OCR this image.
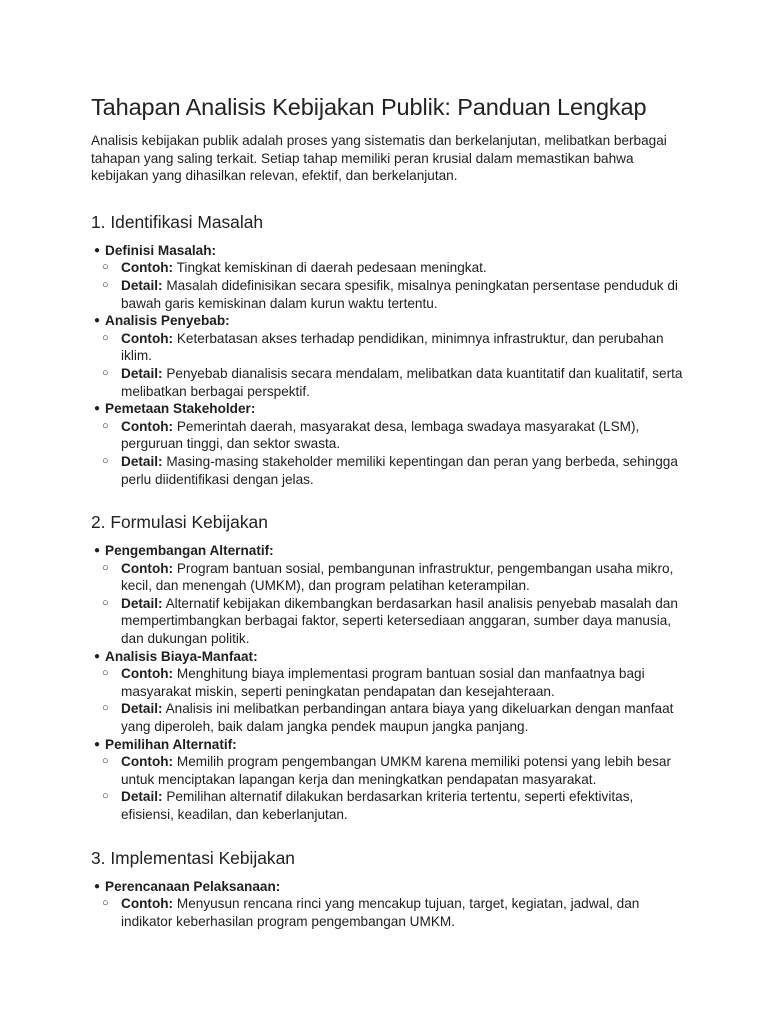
Tahapan Analisis Kebijakan Publik: Panduan Lengkap

Analisis kebijakan publik adalah proses yang sistematis dan berkelanjutan, melibatkan berbagai tahapan yang saling terkait. Setiap tahap memiliki peran krusial dalam memastikan bahwa kebijakan yang dihasilkan relevan, efektif, dan berkelanjutan.

1. Identifikasi Masalah
● Definisi Masalah:
○ Contoh: Tingkat kemiskinan di daerah pedesaan meningkat.
○ Detail: Masalah didefinisikan secara spesifik, misalnya peningkatan persentase penduduk di bawah garis kemiskinan dalam kurun waktu tertentu.
● Analisis Penyebab:
○ Contoh: Keterbatasan akses terhadap pendidikan, minimnya infrastruktur, dan perubahan iklim.
○ Detail: Penyebab dianalisis secara mendalam, melibatkan data kuantitatif dan kualitatif, serta melibatkan berbagai perspektif.
● Pemetaan Stakeholder:
○ Contoh: Pemerintah daerah, masyarakat desa, lembaga swadaya masyarakat (LSM), perguruan tinggi, dan sektor swasta.
○ Detail: Masing-masing stakeholder memiliki kepentingan dan peran yang berbeda, sehingga perlu diidentifikasi dengan jelas.
2. Formulasi Kebijakan
● Pengembangan Alternatif:
○ Contoh: Program bantuan sosial, pembangunan infrastruktur, pengembangan usaha mikro, kecil, dan menengah (UMKM), dan program pelatihan keterampilan.
○ Detail: Alternatif kebijakan dikembangkan berdasarkan hasil analisis penyebab masalah dan mempertimbangkan berbagai faktor, seperti ketersediaan anggaran, sumber daya manusia, dan dukungan politik.
● Analisis Biaya-Manfaat:
○ Contoh: Menghitung biaya implementasi program bantuan sosial dan manfaatnya bagi masyarakat miskin, seperti peningkatan pendapatan dan kesejahteraan.
○ Detail: Analisis ini melibatkan perbandingan antara biaya yang dikeluarkan dengan manfaat yang diperoleh, baik dalam jangka pendek maupun jangka panjang.
● Pemilihan Alternatif:
○ Contoh: Memilih program pengembangan UMKM karena memiliki potensi yang lebih besar untuk menciptakan lapangan kerja dan meningkatkan pendapatan masyarakat.
○ Detail: Pemilihan alternatif dilakukan berdasarkan kriteria tertentu, seperti efektivitas, efisiensi, keadilan, dan keberlanjutan.
3. Implementasi Kebijakan
● Perencanaan Pelaksanaan:
○ Contoh: Menyusun rencana rinci yang mencakup tujuan, target, kegiatan, jadwal, dan indikator keberhasilan program pengembangan UMKM.
